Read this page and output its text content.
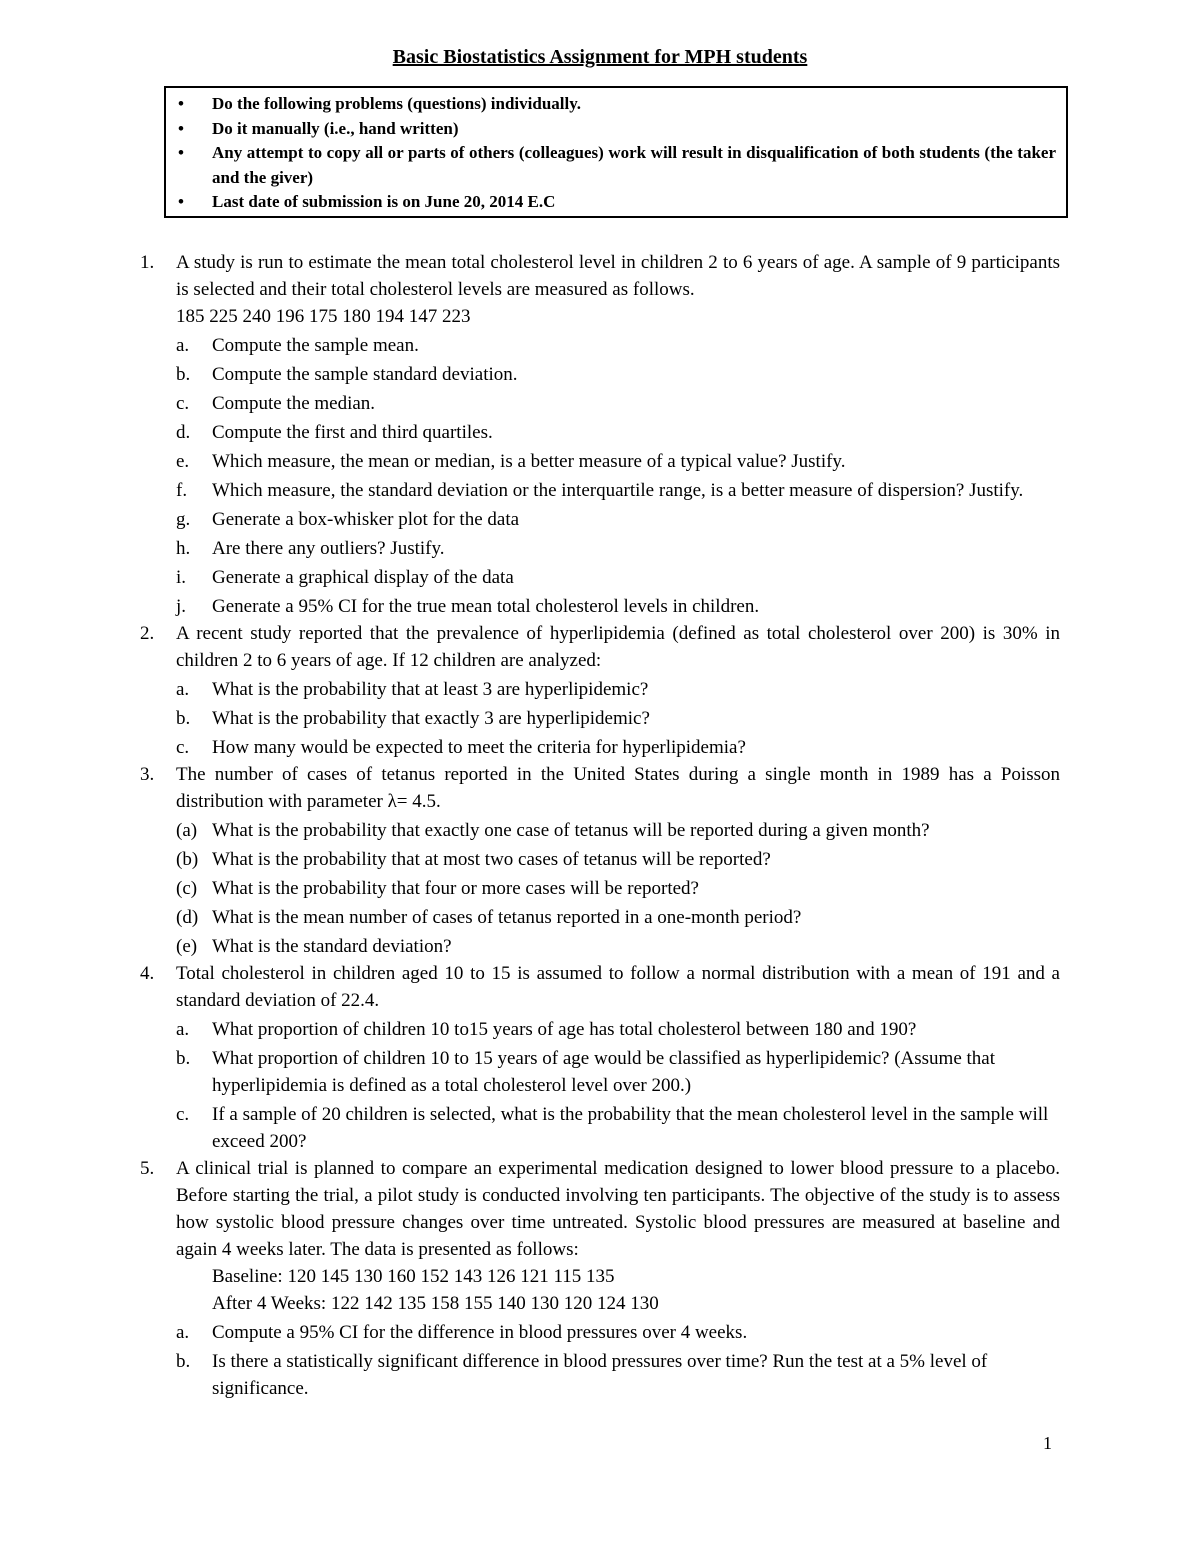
Basic Biostatistics Assignment for MPH students
• Do the following problems (questions) individually.
• Do it manually (i.e., hand written)
• Any attempt to copy all or parts of others (colleagues) work will result in disqualification of both students (the taker and the giver)
• Last date of submission is on June 20, 2014 E.C
1. A study is run to estimate the mean total cholesterol level in children 2 to 6 years of age. A sample of 9 participants is selected and their total cholesterol levels are measured as follows.
185 225 240 196 175 180 194 147 223
a. Compute the sample mean.
b. Compute the sample standard deviation.
c. Compute the median.
d. Compute the first and third quartiles.
e. Which measure, the mean or median, is a better measure of a typical value? Justify.
f. Which measure, the standard deviation or the interquartile range, is a better measure of dispersion? Justify.
g. Generate a box-whisker plot for the data
h. Are there any outliers? Justify.
i. Generate a graphical display of the data
j. Generate a 95% CI for the true mean total cholesterol levels in children.
2. A recent study reported that the prevalence of hyperlipidemia (defined as total cholesterol over 200) is 30% in children 2 to 6 years of age. If 12 children are analyzed:
a. What is the probability that at least 3 are hyperlipidemic?
b. What is the probability that exactly 3 are hyperlipidemic?
c. How many would be expected to meet the criteria for hyperlipidemia?
3. The number of cases of tetanus reported in the United States during a single month in 1989 has a Poisson distribution with parameter λ= 4.5.
(a) What is the probability that exactly one case of tetanus will be reported during a given month?
(b) What is the probability that at most two cases of tetanus will be reported?
(c) What is the probability that four or more cases will be reported?
(d) What is the mean number of cases of tetanus reported in a one-month period?
(e) What is the standard deviation?
4. Total cholesterol in children aged 10 to 15 is assumed to follow a normal distribution with a mean of 191 and a standard deviation of 22.4.
a. What proportion of children 10 to15 years of age has total cholesterol between 180 and 190?
b. What proportion of children 10 to 15 years of age would be classified as hyperlipidemic? (Assume that hyperlipidemia is defined as a total cholesterol level over 200.)
c. If a sample of 20 children is selected, what is the probability that the mean cholesterol level in the sample will exceed 200?
5. A clinical trial is planned to compare an experimental medication designed to lower blood pressure to a placebo. Before starting the trial, a pilot study is conducted involving ten participants. The objective of the study is to assess how systolic blood pressure changes over time untreated. Systolic blood pressures are measured at baseline and again 4 weeks later. The data is presented as follows:
Baseline: 120 145 130 160 152 143 126 121 115 135
After 4 Weeks: 122 142 135 158 155 140 130 120 124 130
a. Compute a 95% CI for the difference in blood pressures over 4 weeks.
b. Is there a statistically significant difference in blood pressures over time? Run the test at a 5% level of significance.
1
